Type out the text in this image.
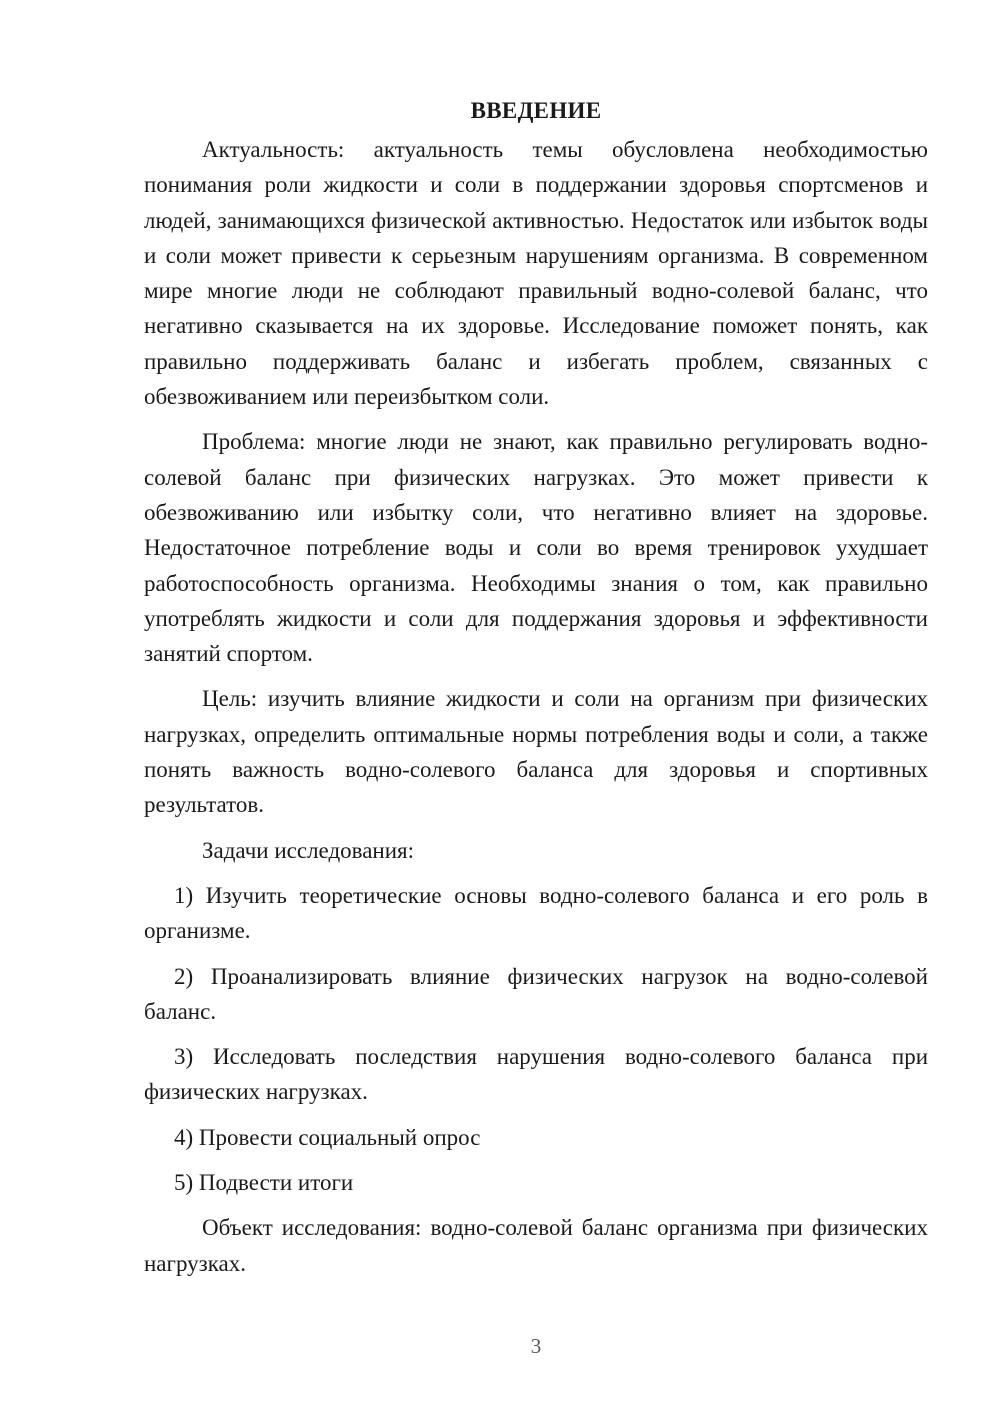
ВВЕДЕНИЕ

Актуальность: актуальность темы обусловлена необходимостью понимания роли жидкости и соли в поддержании здоровья спортсменов и людей, занимающихся физической активностью. Недостаток или избыток воды и соли может привести к серьезным нарушениям организма. В современном мире многие люди не соблюдают правильный водно-солевой баланс, что негативно сказывается на их здоровье. Исследование поможет понять, как правильно поддерживать баланс и избегать проблем, связанных с обезвоживанием или переизбытком соли.

Проблема: многие люди не знают, как правильно регулировать водно-солевой баланс при физических нагрузках. Это может привести к обезвоживанию или избытку соли, что негативно влияет на здоровье. Недостаточное потребление воды и соли во время тренировок ухудшает работоспособность организма. Необходимы знания о том, как правильно употреблять жидкости и соли для поддержания здоровья и эффективности занятий спортом.

Цель: изучить влияние жидкости и соли на организм при физических нагрузках, определить оптимальные нормы потребления воды и соли, а также понять важность водно-солевого баланса для здоровья и спортивных результатов.

Задачи исследования:

1) Изучить теоретические основы водно-солевого баланса и его роль в организме.

2) Проанализировать влияние физических нагрузок на водно-солевой баланс.

3) Исследовать последствия нарушения водно-солевого баланса при физических нагрузках.

4) Провести социальный опрос

5) Подвести итоги

Объект исследования: водно-солевой баланс организма при физических нагрузках.

3
